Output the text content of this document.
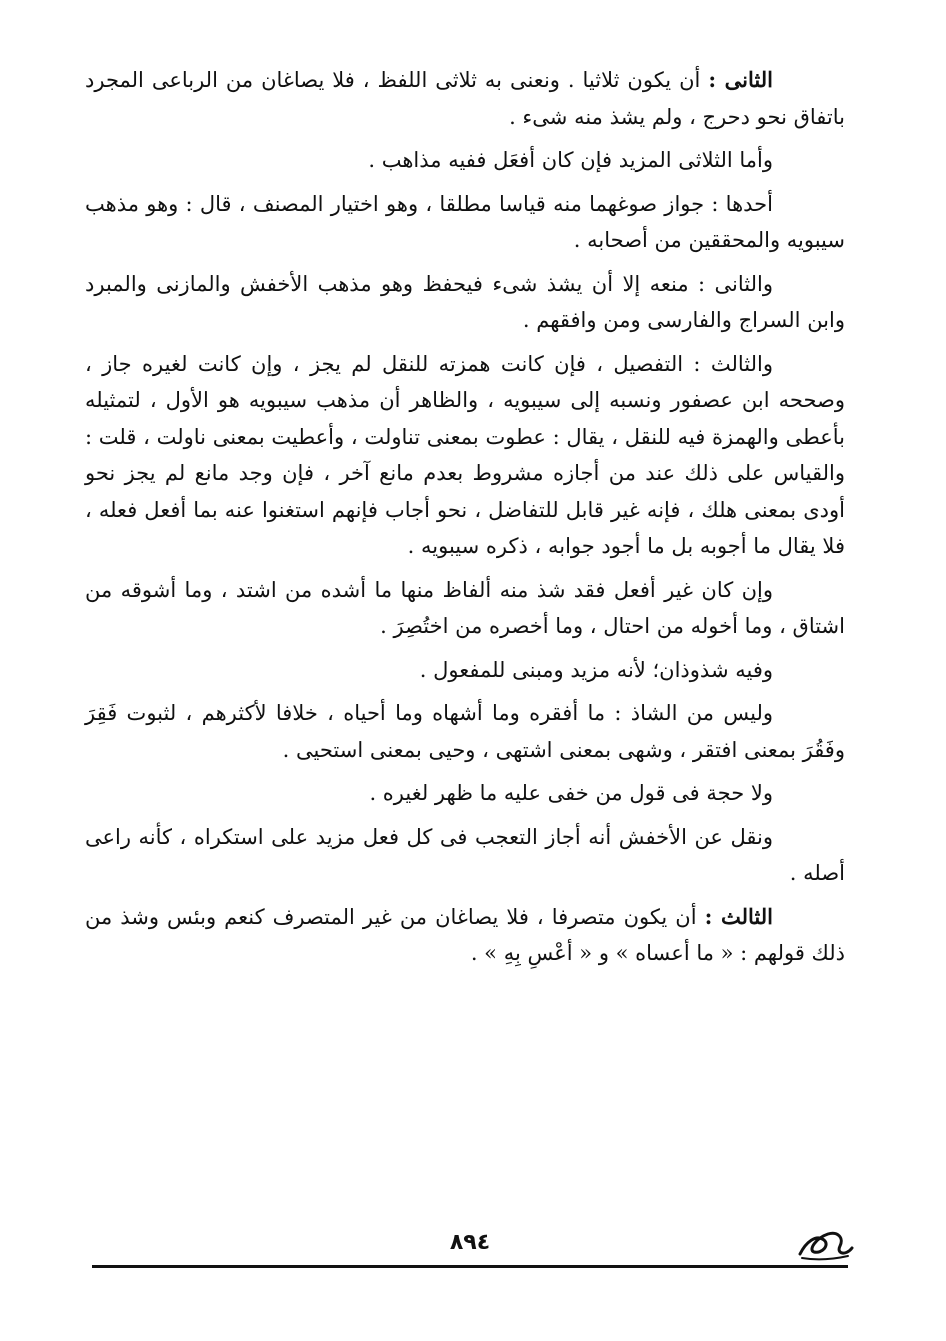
الثانى : أن يكون ثلاثيا . ونعنى به ثلاثى اللفظ ، فلا يصاغان من الرباعى المجرد باتفاق نحو دحرج ، ولم يشذ منه شىء .

وأما الثلاثى المزيد فإن كان أفعَل ففيه مذاهب .

أحدها : جواز صوغهما منه قياسا مطلقا ، وهو اختيار المصنف ، قال : وهو مذهب سيبويه والمحققين من أصحابه .

والثانى : منعه إلا أن يشذ شىء فيحفظ وهو مذهب الأخفش والمازنى والمبرد وابن السراج والفارسى ومن وافقهم .

والثالث : التفصيل ، فإن كانت همزته للنقل لم يجز ، وإن كانت لغيره جاز ، وصححه ابن عصفور ونسبه إلى سيبويه ، والظاهر أن مذهب سيبويه هو الأول ، لتمثيله بأعطى والهمزة فيه للنقل ، يقال : عطوت بمعنى تناولت ، وأعطيت بمعنى ناولت ، قلت : والقياس على ذلك عند من أجازه مشروط بعدم مانع آخر ، فإن وجد مانع لم يجز نحو أودى بمعنى هلك ، فإنه غير قابل للتفاضل ، نحو أجاب فإنهم استغنوا عنه بما أفعل فعله ، فلا يقال ما أجوبه بل ما أجود جوابه ، ذكره سيبويه .

وإن كان غير أفعل فقد شذ منه ألفاظ منها ما أشده من اشتد ، وما أشوقه من اشتاق ، وما أخوله من احتال ، وما أخصره من اختُصِرَ .

وفيه شذوذان؛ لأنه مزيد ومبنى للمفعول .

وليس من الشاذ : ما أفقره وما أشهاه وما أحياه ، خلافا لأكثرهم ، لثبوت فَقِرَ وفَقُرَ بمعنى افتقر ، وشهى بمعنى اشتهى ، وحيى بمعنى استحيى .

ولا حجة فى قول من خفى عليه ما ظهر لغيره .

ونقل عن الأخفش أنه أجاز التعجب فى كل فعل مزيد على استكراه ، كأنه راعى أصله .

الثالث : أن يكون متصرفا ، فلا يصاغان من غير المتصرف كنعم وبئس وشذ من ذلك قولهم : « ما أعساه » و « أعْسِ بِهِ » .

٨٩٤
